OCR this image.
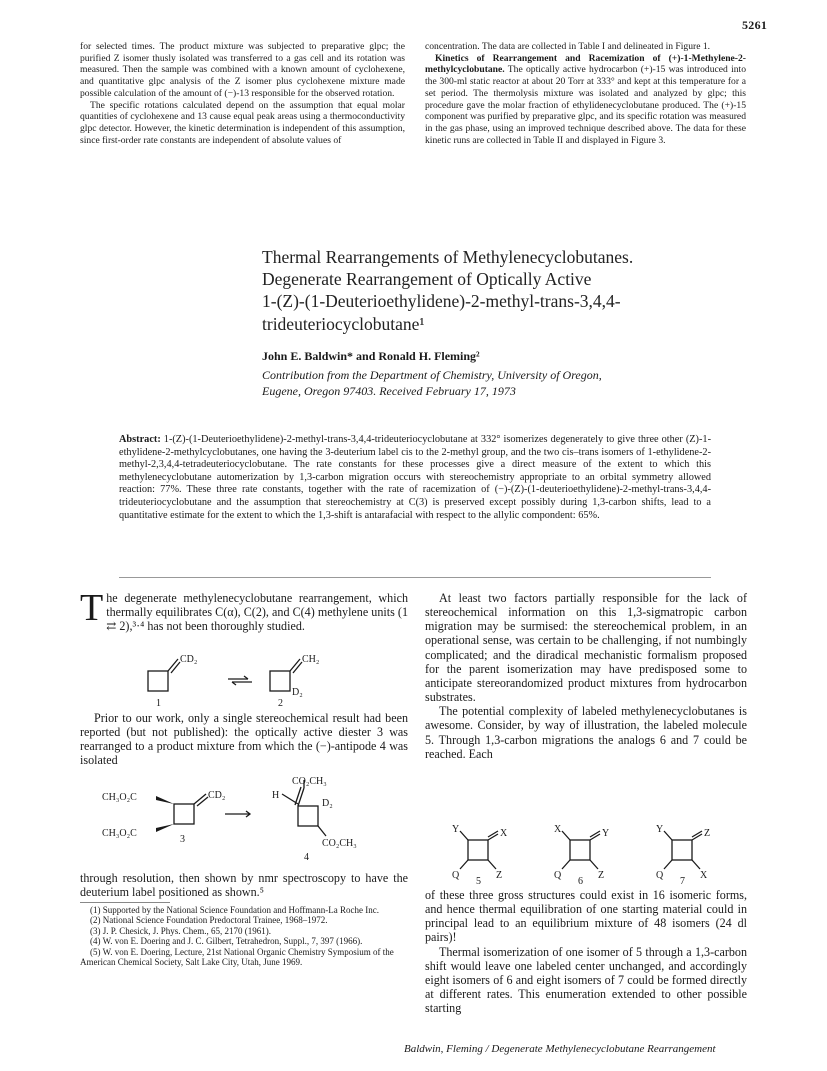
5261

for selected times. The product mixture was subjected to preparative glpc; the purified Z isomer thusly isolated was transferred to a gas cell and its rotation was measured. Then the sample was combined with a known amount of cyclohexene, and quantitative glpc analysis of the Z isomer plus cyclohexene mixture made possible calculation of the amount of (−)-13 responsible for the observed rotation.

The specific rotations calculated depend on the assumption that equal molar quantities of cyclohexene and 13 cause equal peak areas using a thermoconductivity glpc detector. However, the kinetic determination is independent of this assumption, since first-order rate constants are independent of absolute values of

concentration. The data are collected in Table I and delineated in Figure 1.

Kinetics of Rearrangement and Racemization of (+)-1-Methylene-2-methylcyclobutane. The optically active hydrocarbon (+)-15 was introduced into the 300-ml static reactor at about 20 Torr at 333° and kept at this temperature for a set period. The thermolysis mixture was isolated and analyzed by glpc; this procedure gave the molar fraction of ethylidenecyclobutane produced. The (+)-15 component was purified by preparative glpc, and its specific rotation was measured in the gas phase, using an improved technique described above. The data for these kinetic runs are collected in Table II and displayed in Figure 3.

Thermal Rearrangements of Methylenecyclobutanes.
Degenerate Rearrangement of Optically Active
1-(Z)-(1-Deuterioethylidene)-2-methyl-trans-3,4,4-
trideuteriocyclobutane¹
John E. Baldwin* and Ronald H. Fleming²
Contribution from the Department of Chemistry, University of Oregon,
Eugene, Oregon 97403. Received February 17, 1973
Abstract: 1-(Z)-(1-Deuterioethylidene)-2-methyl-trans-3,4,4-trideuteriocyclobutane at 332° isomerizes degenerately to give three other (Z)-1-ethylidene-2-methylcyclobutanes, one having the 3-deuterium label cis to the 2-methyl group, and the two cis–trans isomers of 1-ethylidene-2-methyl-2,3,4,4-tetradeuteriocyclobutane. The rate constants for these processes give a direct measure of the extent to which this methylenecyclobutane automerization by 1,3-carbon migration occurs with stereochemistry appropriate to an orbital symmetry allowed reaction: 77%. These three rate constants, together with the rate of racemization of (−)-(Z)-(1-deuterioethylidene)-2-methyl-trans-3,4,4-trideuteriocyclobutane and the assumption that stereochemistry at C(3) is preserved except possibly during 1,3-carbon shifts, lead to a quantitative estimate for the extent to which the 1,3-shift is antarafacial with respect to the allylic compondent: 65%.

The degenerate methylenecyclobutane rearrangement, which thermally equilibrates C(α), C(2), and C(4) methylene units (1 ⇄ 2),³·⁴ has not been thoroughly studied.

CD₂	CH₂
D₂
1	2

Prior to our work, only a single stereochemical result had been reported (but not published): the optically active diester 3 was rearranged to a product mixture from which the (−)-antipode 4 was isolated

CH₃O₂C	CD₂
CH₃O₂C
3
CO₂CH₃
H
D₂
CO₂CH₃
4

through resolution, then shown by nmr spectroscopy to have the deuterium label positioned as shown.⁵

(1) Supported by the National Science Foundation and Hoffmann-La Roche Inc.

(2) National Science Foundation Predoctoral Trainee, 1968–1972.

(3) J. P. Chesick, J. Phys. Chem., 65, 2170 (1961).

(4) W. von E. Doering and J. C. Gilbert, Tetrahedron, Suppl., 7, 397 (1966).

(5) W. von E. Doering, Lecture, 21st National Organic Chemistry Symposium of the American Chemical Society, Salt Lake City, Utah, June 1969.

At least two factors partially responsible for the lack of stereochemical information on this 1,3-sigmatropic carbon migration may be surmised: the stereochemical problem, in an operational sense, was certain to be challenging, if not numbingly complicated; and the diradical mechanistic formalism proposed for the parent isomerization may have predisposed some to anticipate stereorandomized product mixtures from hydrocarbon substrates.

The potential complexity of labeled methylenecyclobutanes is awesome. Consider, by way of illustration, the labeled molecule 5. Through 1,3-carbon migrations the analogs 6 and 7 could be reached. Each

Y	X
Q	Z
5
X	Y
Q	Z
6
Y	Z
Q	X
7

of these three gross structures could exist in 16 isomeric forms, and hence thermal equilibration of one starting material could in principal lead to an equilibrium mixture of 48 isomers (24 dl pairs)!

Thermal isomerization of one isomer of 5 through a 1,3-carbon shift would leave one labeled center unchanged, and accordingly eight isomers of 6 and eight isomers of 7 could be formed directly at different rates. This enumeration extended to other possible starting

Baldwin, Fleming / Degenerate Methylenecyclobutane Rearrangement
